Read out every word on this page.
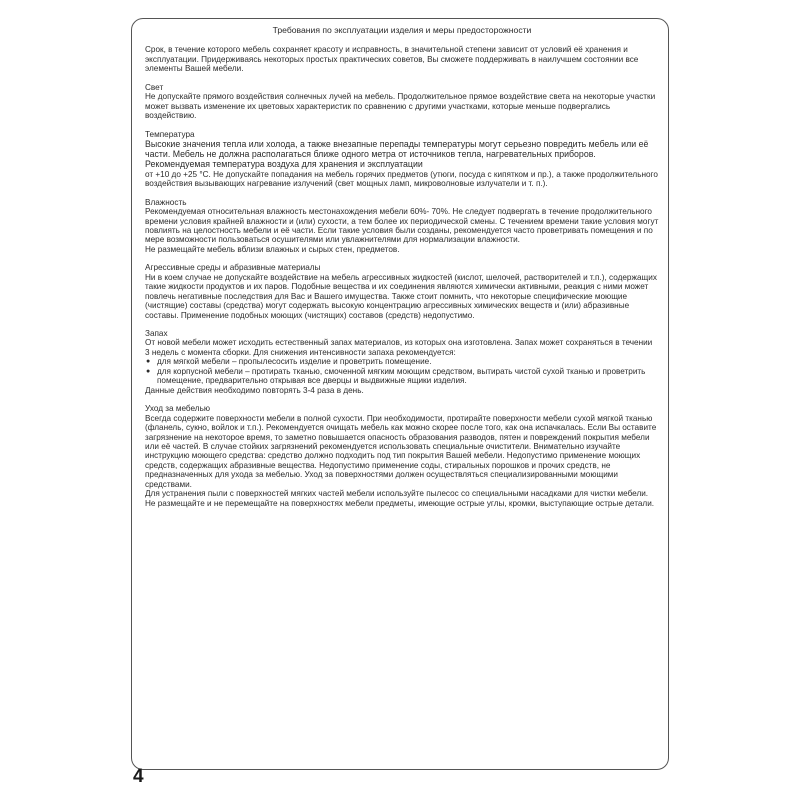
Требования по эксплуатации изделия и меры предосторожности

Срок, в течение которого мебель сохраняет красоту и исправность, в значительной степени зависит от условий её хранения и эксплуатации. Придерживаясь некоторых простых практических советов, Вы сможете поддерживать в наилучшем состоянии все элементы Вашей мебели.

Свет

Не допускайте прямого воздействия солнечных лучей на мебель. Продолжительное прямое воздействие света на некоторые участки может вызвать изменение их цветовых характеристик по сравнению с другими участками, которые меньше подвергались воздействию.

Температура

Высокие значения тепла или холода, а также внезапные перепады температуры могут серьезно повредить мебель или её части. Мебель не должна располагаться ближе одного метра от источников тепла, нагревательных приборов. Рекомендуемая температура воздуха для хранения и эксплуатации

от +10 до +25 °С. Не допуcкайте попадания на мебель горячих предметов (утюги, посуда с кипятком и пр.), а также продолжительного воздействия вызывающих нагревание излучений (свет мощных ламп, микроволновые излучатели и т. п.).

Влажность

Рекомендуемая относительная влажность местонахождения мебели 60%- 70%. Не следует подвергать в течение продолжительного времени условия крайней влажности и (или) сухости, а тем более их периодической смены. С течением времени такие условия могут повлиять на целостность мебели и её части. Если такие условия были созданы, рекомендуется часто проветривать помещения и по мере возможности пользоваться осушителями или увлажнителями для нормализации влажности.

Не размещайте мебель вблизи влажных и сырых стен, предметов.

Агрессивные среды и абразивные материалы

Ни в коем случае не допускайте воздействие на мебель агрессивных жидкостей (кислот, шелочей, растворителей и т.п.), содержащих такие жидкости продуктов и их паров. Подобные вещества и их соединения являются химически активными, реакция с ними может повлечь негативные последствия для Вас и Вашего имущества. Также стоит помнить, что некоторые специфические моющие (чистящие) составы (средства) могут содержать высокую концентрацию агрессивных химических веществ и (или) абразивные составы. Применение подобных моющих (чистящих) составов (средств) недопустимо.

Запах

От новой мебели может исходить естественный запах материалов, из которых она изготовлена. Запах может сохраняться в течении 3 недель с момента сборки. Для снижения интенсивности запаха рекомендуется:

● для мягкой мебели – пропылесосить изделие и проветрить помещение.
● для корпусной мебели – протирать тканью, смоченной мягким моющим средством, вытирать чистой сухой тканью и проветрить помещение, предварительно открывая все дверцы и выдвижные ящики изделия.

Данные действия необходимо повторять 3-4 раза в день.

Уход за мебелью

Всегда содержите поверхности мебели в полной сухости. При необходимости, протирайте поверхности мебели сухой мягкой тканью (фланель, сукно, войлок и т.п.). Рекомендуется очищать мебель как можно скорее после того, как она испачкалась. Если Вы оставите загрязнение на некоторое время, то заметно повышается опасность образования разводов, пятен и повреждений покрытия мебели или её частей. В случае стойких загрязнений рекомендуется использовать специальные очистители. Внимательно изучайте инструкцию моющего средства: средство должно подходить под тип покрытия Вашей мебели. Недопустимо применение моющих средств, содержащих абразивные вещества. Недопустимо применение соды, стиральных порошков и прочих средств, не предназначенных для ухода за мебелью. Уход за поверхностями должен осуществляться специализированными моющими средствами.

Для устранения пыли с поверхностей мягких частей мебели используйте пылесос со специальными насадками для чистки мебели.

Не размещайте и не перемещайте на поверхностях мебели предметы, имеющие острые углы, кромки, выступающие острые детали.

4
